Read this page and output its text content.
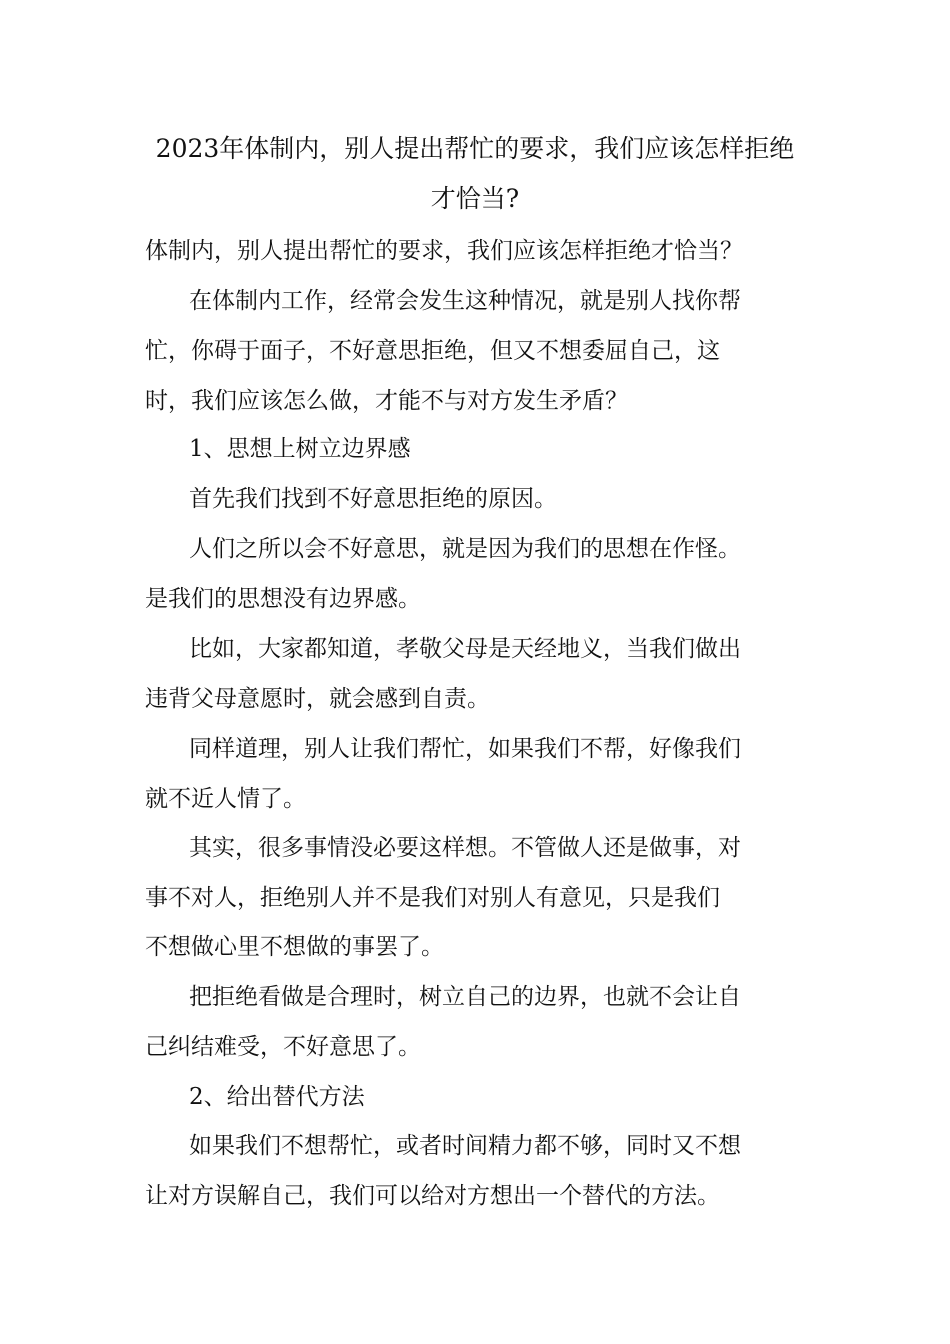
2023年体制内，别人提出帮忙的要求，我们应该怎样拒绝
才恰当?

体制内，别人提出帮忙的要求，我们应该怎样拒绝才恰当？

在体制内工作，经常会发生这种情况，就是别人找你帮

忙，你碍于面子，不好意思拒绝，但又不想委屈自己，这

时，我们应该怎么做，才能不与对方发生矛盾？

1、思想上树立边界感

首先我们找到不好意思拒绝的原因。

人们之所以会不好意思，就是因为我们的思想在作怪。

是我们的思想没有边界感。

比如，大家都知道，孝敬父母是天经地义，当我们做出

违背父母意愿时，就会感到自责。

同样道理，别人让我们帮忙，如果我们不帮，好像我们

就不近人情了。

其实，很多事情没必要这样想。不管做人还是做事，对

事不对人，拒绝别人并不是我们对别人有意见，只是我们

不想做心里不想做的事罢了。

把拒绝看做是合理时，树立自己的边界，也就不会让自

己纠结难受，不好意思了。

2、给出替代方法

如果我们不想帮忙，或者时间精力都不够，同时又不想

让对方误解自己，我们可以给对方想出一个替代的方法。
